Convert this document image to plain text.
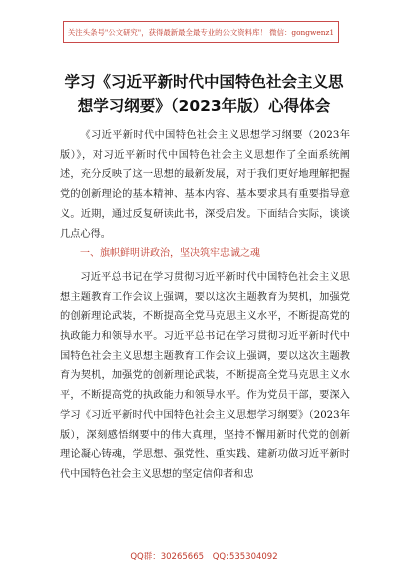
关注头条号"公文研究"，获得最新最全最专业的公文资料库！ 微信：gongwenz1
学习《习近平新时代中国特色社会主义思
想学习纲要》（2023年版）心得体会

《习近平新时代中国特色社会主义思想学习纲要（2023年版）》，对习近平新时代中国特色社会主义思想作了全面系统阐述，充分反映了这一思想的最新发展，对于我们更好地理解把握党的创新理论的基本精神、基本内容、基本要求具有重要指导意义。近期，通过反复研读此书，深受启发。下面结合实际，谈谈几点心得。

一、旗帜鲜明讲政治，坚决筑牢忠诚之魂

习近平总书记在学习贯彻习近平新时代中国特色社会主义思想主题教育工作会议上强调，要以这次主题教育为契机，加强党的创新理论武装，不断提高全党马克思主义水平，不断提高党的执政能力和领导水平。习近平总书记在学习贯彻习近平新时代中国特色社会主义思想主题教育工作会议上强调，要以这次主题教育为契机，加强党的创新理论武装，不断提高全党马克思主义水平，不断提高党的执政能力和领导水平。作为党员干部，要深入学习《习近平新时代中国特色社会主义思想学习纲要》（2023年版），深刻感悟纲要中的伟大真理，坚持不懈用新时代党的创新理论凝心铸魂，学思想、强党性、重实践、建新功做习近平新时代中国特色社会主义思想的坚定信仰者和忠

QQ群：30265665 QQ:535304092
